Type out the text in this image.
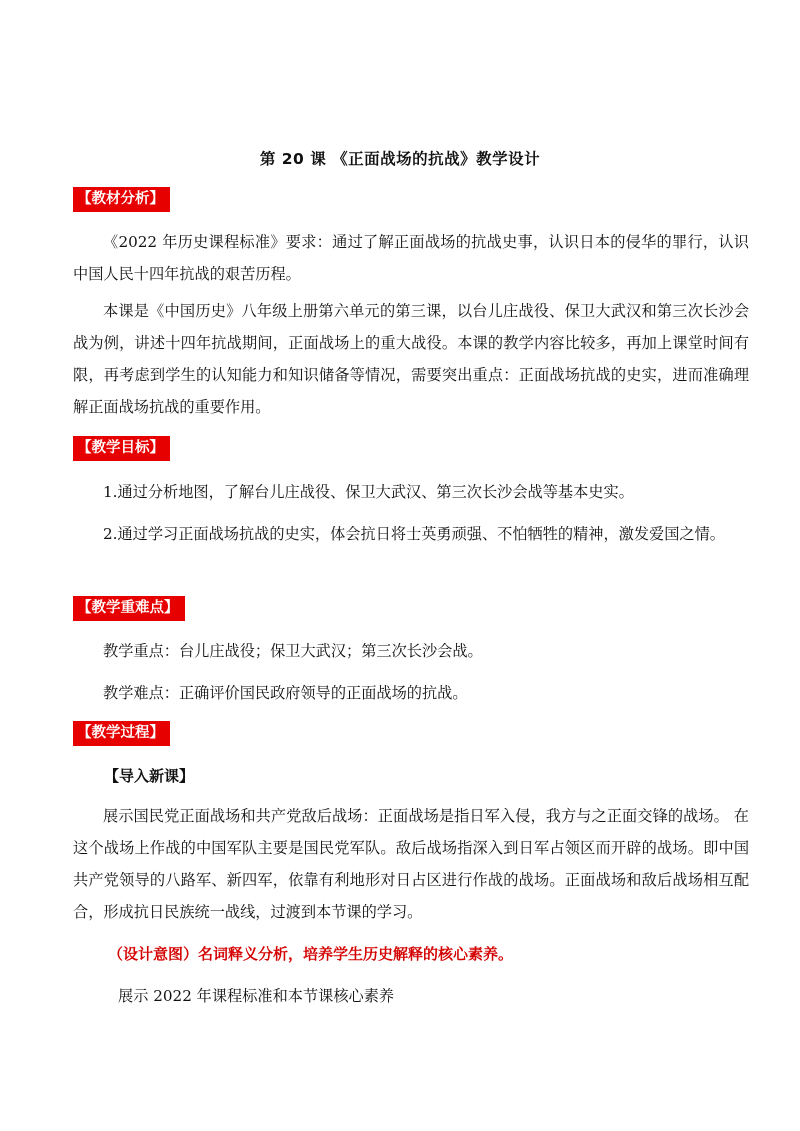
第 20 课 《正面战场的抗战》教学设计
【教材分析】

《2022 年历史课程标准》要求：通过了解正面战场的抗战史事，认识日本的侵华的罪行，认识中国人民十四年抗战的艰苦历程。

本课是《中国历史》八年级上册第六单元的第三课，以台儿庄战役、保卫大武汉和第三次长沙会战为例，讲述十四年抗战期间，正面战场上的重大战役。本课的教学内容比较多，再加上课堂时间有限，再考虑到学生的认知能力和知识储备等情况，需要突出重点：正面战场抗战的史实，进而准确理解正面战场抗战的重要作用。

【教学目标】

1.通过分析地图，了解台儿庄战役、保卫大武汉、第三次长沙会战等基本史实。

2.通过学习正面战场抗战的史实，体会抗日将士英勇顽强、不怕牺牲的精神，激发爱国之情。

【教学重难点】

教学重点：台儿庄战役；保卫大武汉；第三次长沙会战。

教学难点：正确评价国民政府领导的正面战场的抗战。

【教学过程】
【导入新课】

展示国民党正面战场和共产党敌后战场：正面战场是指日军入侵，我方与之正面交锋的战场。 在这个战场上作战的中国军队主要是国民党军队。敌后战场指深入到日军占领区而开辟的战场。即中国共产党领导的八路军、新四军，依靠有利地形对日占区进行作战的战场。正面战场和敌后战场相互配合，形成抗日民族统一战线，过渡到本节课的学习。

（设计意图）名词释义分析，培养学生历史解释的核心素养。
展示 2022 年课程标准和本节课核心素养
